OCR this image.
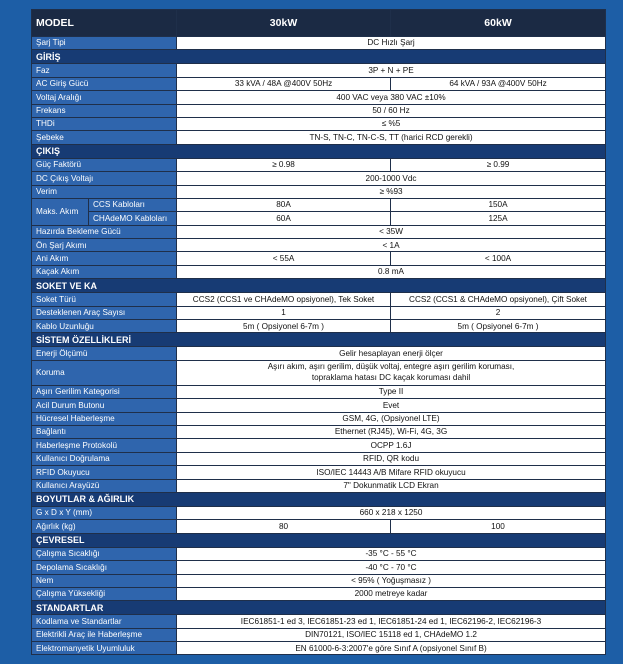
MODEL		30kW	60kW
Şarj Tipi		DC Hızlı Şarj	
GİRİŞ			
Faz		3P + N + PE	
AC Giriş Gücü		33 kVA / 48A @400V 50Hz	64 kVA / 93A @400V 50Hz
Voltaj Aralığı		400 VAC veya 380 VAC ±10%	
Frekans		50 / 60 Hz	
THDi		≤ %5	
Şebeke		TN-S, TN-C, TN-C-S, TT (harici RCD gerekli)	
ÇIKIŞ			
Güç Faktörü		≥ 0.98	≥ 0.99
DC Çıkış Voltajı		200-1000 Vdc	
Verim		≥ %93	
Maks. Akım	CCS Kabloları	80A	150A
	CHAdeMO Kabloları	60A	125A
Hazırda Bekleme Gücü		< 35W	
Ön Şarj Akımı		< 1A	
Ani Akım		< 55A	< 100A
Kaçak Akım		0.8 mA	
SOKET VE KA			
Soket Türü		CCS2 (CCS1 ve CHAdeMO opsiyonel), Tek Soket	CCS2 (CCS1 & CHAdeMO opsiyonel), Çift Soket
Desteklenen Araç Sayısı		1	2
Kablo Uzunluğu		5m ( Opsiyonel 6-7m )	5m ( Opsiyonel 6-7m )
SİSTEM ÖZELLİKLERİ			
Enerji Ölçümü		Gelir hesaplayan enerji ölçer	
Koruma		Aşırı akım, aşırı gerilim, düşük voltaj, entegre aşırı gerilim koruması,
topraklama hatası DC kaçak koruması dahil	
Aşırı Gerilim Kategorisi		Type II	
Acil Durum Butonu		Evet	
Hücresel Haberleşme		GSM, 4G, (Opsiyonel LTE)	
Bağlantı		Ethernet (RJ45), Wi-Fi, 4G, 3G	
Haberleşme Protokolü		OCPP 1.6J	
Kullanıcı Doğrulama		RFID, QR kodu	
RFID Okuyucu		ISO/IEC 14443 A/B Mifare RFID okuyucu	
Kullanıcı Arayüzü		7" Dokunmatik LCD Ekran	
BOYUTLAR & AĞIRLIK			
G x D x Y (mm)		660 x 218 x 1250	
Ağırlık (kg)		80	100
ÇEVRESEL			
Çalışma Sıcaklığı		-35 °C - 55 °C	
Depolama Sıcaklığı		-40 °C - 70 °C	
Nem		< 95% ( Yoğuşmasız )	
Çalışma Yüksekliği		2000 metreye kadar	
STANDARTLAR			
Kodlama ve Standartlar		IEC61851-1 ed 3, IEC61851-23 ed 1, IEC61851-24 ed 1, IEC62196-2, IEC62196-3	
Elektrikli Araç ile Haberleşme		DIN70121, ISO/IEC 15118 ed 1, CHAdeMO 1.2	
Elektromanyetik Uyumluluk		EN 61000-6-3:2007'e göre Sınıf A (opsiyonel Sınıf B)	
